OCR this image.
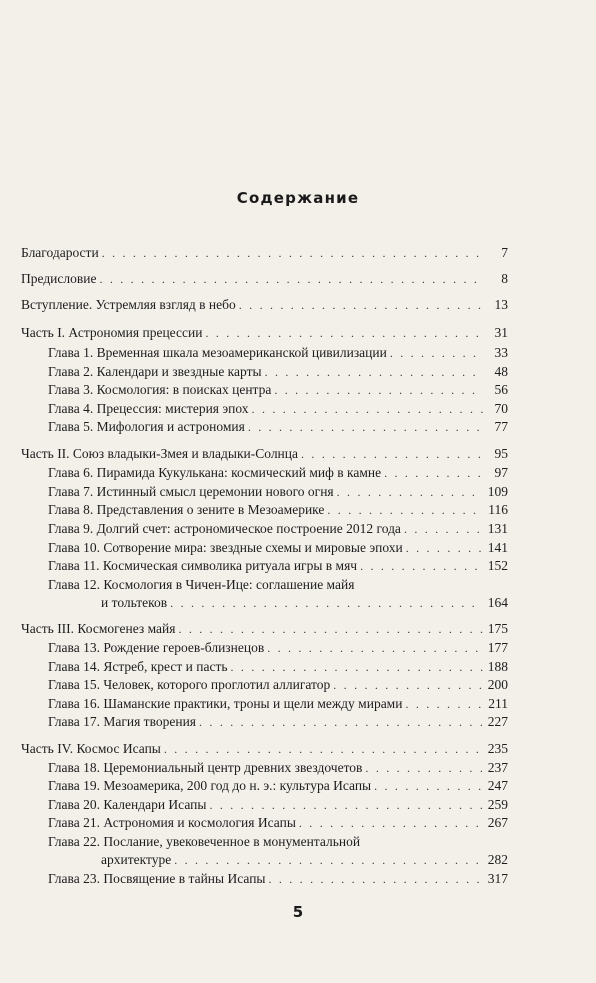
Содержание
Благодарости . . .	7
Предисловие . . .	8
Вступление. Устремляя взгляд в небо . . .	13
Часть I. Астрономия прецессии . . .	31
Глава 1. Временная шкала мезоамериканской цивилизации . . .	33
Глава 2. Календари и звездные карты . . .	48
Глава 3. Космология: в поисках центра . . .	56
Глава 4. Прецессия: мистерия эпох . . .	70
Глава 5. Мифология и астрономия . . .	77
Часть II. Союз владыки-Змея и владыки-Солнца . . .	95
Глава 6. Пирамида Кукулькана: космический миф в камне . . .	97
Глава 7. Истинный смысл церемонии нового огня . . .	109
Глава 8. Представления о зените в Мезоамерике . . .	116
Глава 9. Долгий счет: астрономическое построение 2012 года . . .	131
Глава 10. Сотворение мира: звездные схемы и мировые эпохи . . .	141
Глава 11. Космическая символика ритуала игры в мяч . . .	152
Глава 12. Космология в Чичен-Ице: соглашение майя
и тольтеков . . .	164
Часть III. Космогенез майя . . .	175
Глава 13. Рождение героев-близнецов . . .	177
Глава 14. Ястреб, крест и пасть . . .	188
Глава 15. Человек, которого проглотил аллигатор . . .	200
Глава 16. Шаманские практики, троны и щели между мирами . . .	211
Глава 17. Магия творения . . .	227
Часть IV. Космос Исапы . . .	235
Глава 18. Церемониальный центр древних звездочетов . . .	237
Глава 19. Мезоамерика, 200 год до н. э.: культура Исапы . . .	247
Глава 20. Календари Исапы . . .	259
Глава 21. Астрономия и космология Исапы . . .	267
Глава 22. Послание, увековеченное в монументальной
архитектуре . . .	282
Глава 23. Посвящение в тайны Исапы . . .	317
5
